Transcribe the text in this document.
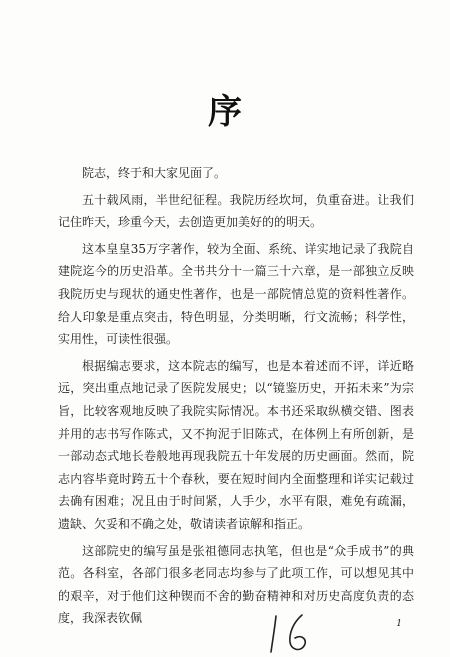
序

院志，终于和大家见面了。

五十载风雨，半世纪征程。我院历经坎坷，负重奋进。让我们记住昨天，珍重今天，去创造更加美好的的明天。

这本皇皇35万字著作，较为全面、系统、详实地记录了我院自建院迄今的历史沿革。全书共分十一篇三十六章，是一部独立反映我院历史与现状的通史性著作，也是一部院情总览的资料性著作。给人印象是重点突击，特色明显，分类明晰，行文流畅；科学性，实用性，可读性很强。

根据编志要求，这本院志的编写，也是本着述而不评，详近略远，突出重点地记录了医院发展史；以“镜鉴历史，开拓未来”为宗旨，比较客观地反映了我院实际情况。本书还采取纵横交错、图表并用的志书写作陈式，又不拘泥于旧陈式，在体例上有所创新，是一部动态式地长卷般地再现我院五十年发展的历史画面。然而，院志内容毕竟时跨五十个春秋，要在短时间内全面整理和详实记载过去确有困难；况且由于时间紧，人手少，水平有限，难免有疏漏，遗缺、欠妥和不确之处，敬请读者谅解和指正。

这部院史的编写虽是张祖德同志执笔，但也是“众手成书”的典范。各科室，各部门很多老同志均参与了此项工作，可以想见其中的艰辛，对于他们这种锲而不舍的勤奋精神和对历史高度负责的态度，我深表钦佩	1
